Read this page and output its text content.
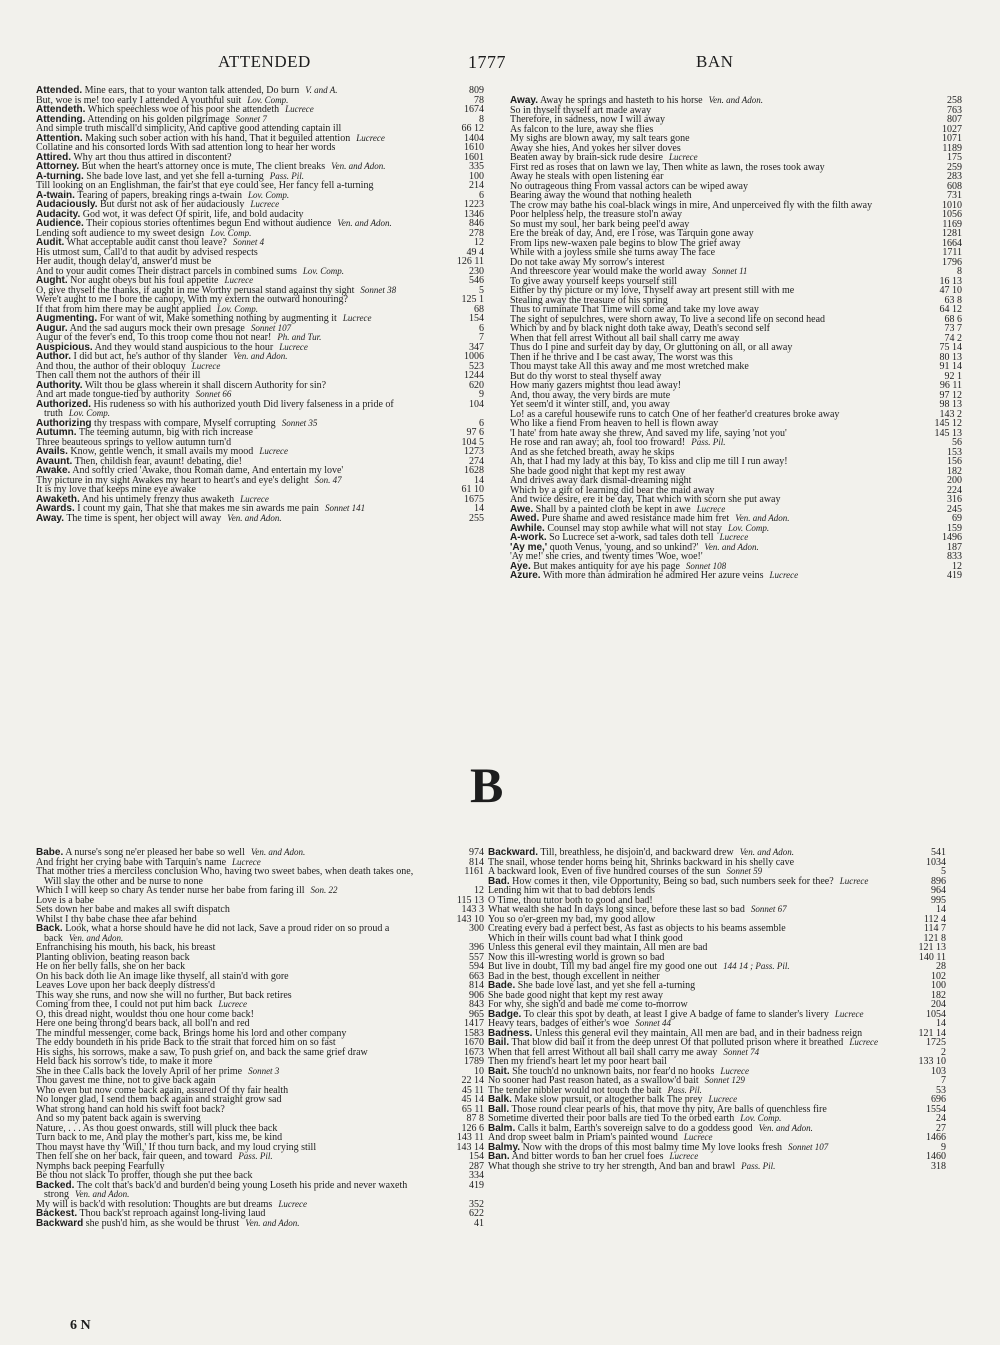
ATTENDED	1777	BAN
Attended. Mine ears, that to your wanton talk attended, Do burn V. and A.	809
But, woe is me! too early I attended A youthful suit Lov. Comp.	78
Attendeth. Which speechless woe of his poor she attendeth Lucrece	1674
Attending. Attending on his golden pilgrimage Sonnet 7	8
And simple truth miscall'd simplicity, And captive good attending captain ill	66 12
Attention. Making such sober action with his hand, That it beguiled attention Lucrece	1404
Collatine and his consorted lords With sad attention long to hear her words	1610
Attired. Why art thou thus attired in discontent?	1601
Attorney. But when the heart's attorney once is mute, The client breaks Ven. and Adon.	335
A-turning. She bade love last, and yet she fell a-turning Pass. Pil.	100
Till looking on an Englishman, the fair'st that eye could see, Her fancy fell a-turning	214
A-twain. Tearing of papers, breaking rings a-twain Lov. Comp.	6
Audaciously. But durst not ask of her audaciously Lucrece	1223
Audacity. God wot, it was defect Of spirit, life, and bold audacity	1346
Audience. Their copious stories oftentimes begun End without audience Ven. and Adon.	846
Lending soft audience to my sweet design Lov. Comp.	278
Audit. What acceptable audit canst thou leave? Sonnet 4	12
His utmost sum, Call'd to that audit by advised respects	49 4
Her audit, though delay'd, answer'd must be	126 11
And to your audit comes Their distract parcels in combined sums Lov. Comp.	230
Aught. Nor aught obeys but his foul appetite Lucrece	546
O, give thyself the thanks, if aught in me Worthy perusal stand against thy sight Sonnet 38	5
Were't aught to me I bore the canopy, With my extern the outward honouring?	125 1
If that from him there may be aught applied Lov. Comp.	68
Augmenting. For want of wit, Make something nothing by augmenting it Lucrece	154
Augur. And the sad augurs mock their own presage Sonnet 107	6
Augur of the fever's end, To this troop come thou not near! Ph. and Tur.	7
Auspicious. And they would stand auspicious to the hour Lucrece	347
Author. I did but act, he's author of thy slander Ven. and Adon.	1006
And thou, the author of their obloquy Lucrece	523
Then call them not the authors of their ill	1244
Authority. Wilt thou be glass wherein it shall discern Authority for sin?	620
And art made tongue-tied by authority Sonnet 66	9
Authorized. His rudeness so with his authorized youth Did livery falseness in a pride of truth Lov. Comp.
104
Authorizing thy trespass with compare, Myself corrupting Sonnet 35	6
Autumn. The teeming autumn, big with rich increase	97 6
Three beauteous springs to yellow autumn turn'd	104 5
Avails. Know, gentle wench, it small avails my mood Lucrece	1273
Avaunt. Then, childish fear, avaunt! debating, die!	274
Awake. And softly cried 'Awake, thou Roman dame, And entertain my love'	1628
Thy picture in my sight Awakes my heart to heart's and eye's delight Son. 47	14
It is my love that keeps mine eye awake	61 10
Awaketh. And his untimely frenzy thus awaketh Lucrece	1675
Awards. I count my gain, That she that makes me sin awards me pain Sonnet 141	14
Away. The time is spent, her object will away Ven. and Adon.	255
Away. Away he springs and hasteth to his horse Ven. and Adon.	258
So in thyself thyself art made away	763
Therefore, in sadness, now I will away	807
As falcon to the lure, away she flies	1027
My sighs are blown away, my salt tears gone	1071
Away she hies, And yokes her silver doves	1189
Beaten away by brain-sick rude desire Lucrece	175
First red as roses that on lawn we lay, Then white as lawn, the roses took away	259
Away he steals with open listening ear	283
No outrageous thing From vassal actors can be wiped away	608
Bearing away the wound that nothing healeth	731
The crow may bathe his coal-black wings in mire, And unperceived fly with the filth away	1010
Poor helpless help, the treasure stol'n away	1056
So must my soul, her bark being peel'd away	1169
Ere the break of day, And, ere I rose, was Tarquin gone away	1281
From lips new-waxen pale begins to blow The grief away	1664
While with a joyless smile she turns away The face	1711
Do not take away My sorrow's interest	1796
And threescore year would make the world away Sonnet 11	8
To give away yourself keeps yourself still	16 13
Either by thy picture or my love, Thyself away art present still with me	47 10
Stealing away the treasure of his spring	63 8
Thus to ruminate That Time will come and take my love away	64 12
The sight of sepulchres, were shorn away, To live a second life on second head	68 6
Which by and by black night doth take away, Death's second self	73 7
When that fell arrest Without all bail shall carry me away	74 2
Thus do I pine and surfeit day by day, Or gluttoning on all, or all away	75 14
Then if he thrive and I be cast away, The worst was this	80 13
Thou mayst take All this away and me most wretched make	91 14
But do thy worst to steal thyself away	92 1
How many gazers mightst thou lead away!	96 11
And, thou away, the very birds are mute	97 12
Yet seem'd it winter still, and, you away	98 13
Lo! as a careful housewife runs to catch One of her feather'd creatures broke away	143 2
Who like a fiend From heaven to hell is flown away	145 12
'I hate' from hate away she threw, And saved my life, saying 'not you'	145 13
He rose and ran away; ah, fool too froward! Pass. Pil.	56
And as she fetched breath, away he skips	153
Ah, that I had my lady at this bay, To kiss and clip me till I run away!	156
She bade good night that kept my rest away	182
And drives away dark dismal-dreaming night	200
Which by a gift of learning did bear the maid away	224
And twice desire, ere it be day, That which with scorn she put away	316
Awe. Shall by a painted cloth be kept in awe Lucrece	245
Awed. Pure shame and awed resistance made him fret Ven. and Adon.	69
Awhile. Counsel may stop awhile what will not stay Lov. Comp.	159
A-work. So Lucrece set a-work, sad tales doth tell Lucrece	1496
'Ay me,' quoth Venus, 'young, and so unkind?' Ven. and Adon.	187
'Ay me!' she cries, and twenty times 'Woe, woe!'	833
Aye. But makes antiquity for aye his page Sonnet 108	12
Azure. With more than admiration he admired Her azure veins Lucrece	419
B
Babe. A nurse's song ne'er pleased her babe so well Ven. and Adon.	974
And fright her crying babe with Tarquin's name Lucrece	814
That mother tries a merciless conclusion Who, having two sweet babes, when death takes one, Will slay the other and be nurse to none
1161
Which I will keep so chary As tender nurse her babe from faring ill Son. 22	12
Love is a babe	115 13
Sets down her babe and makes all swift dispatch	143 3
Whilst I thy babe chase thee afar behind	143 10
Back. Look, what a horse should have he did not lack, Save a proud rider on so proud a back Ven. and Adon.
300
Enfranchising his mouth, his back, his breast	396
Planting oblivion, beating reason back	557
He on her belly falls, she on her back	594
On his back doth lie An image like thyself, all stain'd with gore	663
Leaves Love upon her back deeply distress'd	814
This way she runs, and now she will no further, But back retires	906
Coming from thee, I could not put him back Lucrece	843
O, this dread night, wouldst thou one hour come back!	965
Here one being throng'd bears back, all boll'n and red	1417
The mindful messenger, come back, Brings home his lord and other company	1583
The eddy boundeth in his pride Back to the strait that forced him on so fast	1670
His sighs, his sorrows, make a saw, To push grief on, and back the same grief draw	1673
Held back his sorrow's tide, to make it more	1789
She in thee Calls back the lovely April of her prime Sonnet 3	10
Thou gavest me thine, not to give back again	22 14
Who even but now come back again, assured Of thy fair health	45 11
No longer glad, I send them back again and straight grow sad	45 14
What strong hand can hold his swift foot back?	65 11
And so my patent back again is swerving	87 8
Nature, . . . As thou goest onwards, still will pluck thee back	126 6
Turn back to me, And play the mother's part, kiss me, be kind	143 11
Thou mayst have thy 'Will,' If thou turn back, and my loud crying still	143 14
Then fell she on her back, fair queen, and toward Pass. Pil.	154
Nymphs back peeping Fearfully	287
Be thou not slack To proffer, though she put thee back	334
Backed. The colt that's back'd and burden'd being young Loseth his pride and never waxeth strong Ven. and Adon.
419
My will is back'd with resolution: Thoughts are but dreams Lucrece	352
Backest. Thou back'st reproach against long-living laud	622
Backward she push'd him, as she would be thrust Ven. and Adon.	41
Backward. Till, breathless, he disjoin'd, and backward drew Ven. and Adon.	541
The snail, whose tender horns being hit, Shrinks backward in his shelly cave	1034
A backward look, Even of five hundred courses of the sun Sonnet 59	5
Bad. How comes it then, vile Opportunity, Being so bad, such numbers seek for thee? Lucrece	896
Lending him wit that to bad debtors lends	964
O Time, thou tutor both to good and bad!	995
What wealth she had In days long since, before these last so bad Sonnet 67	14
You so o'er-green my bad, my good allow	112 4
Creating every bad a perfect best, As fast as objects to his beams assemble	114 7
Which in their wills count bad what I think good	121 8
Unless this general evil they maintain, All men are bad	121 13
Now this ill-wresting world is grown so bad	140 11
But live in doubt, Till my bad angel fire my good one out 144 14 ; Pass. Pil.	28
Bad in the best, though excellent in neither	102
Bade. She bade love last, and yet she fell a-turning	100
She bade good night that kept my rest away	182
For why, she sigh'd and bade me come to-morrow	204
Badge. To clear this spot by death, at least I give A badge of fame to slander's livery Lucrece	1054
Heavy tears, badges of either's woe Sonnet 44	14
Badness. Unless this general evil they maintain, All men are bad, and in their badness reign	121 14
Bail. That blow did bail it from the deep unrest Of that polluted prison where it breathed Lucrece	1725
When that fell arrest Without all bail shall carry me away Sonnet 74	2
Then my friend's heart let my poor heart bail	133 10
Bait. She touch'd no unknown baits, nor fear'd no hooks Lucrece	103
No sooner had Past reason hated, as a swallow'd bait Sonnet 129	7
The tender nibbler would not touch the bait Pass. Pil.	53
Balk. Make slow pursuit, or altogether balk The prey Lucrece	696
Ball. Those round clear pearls of his, that move thy pity, Are balls of quenchless fire	1554
Sometime diverted their poor balls are tied To the orbed earth Lov. Comp.	24
Balm. Calls it balm, Earth's sovereign salve to do a goddess good Ven. and Adon.	27
And drop sweet balm in Priam's painted wound Lucrece	1466
Balmy. Now with the drops of this most balmy time My love looks fresh Sonnet 107	9
Ban. And bitter words to ban her cruel foes Lucrece	1460
What though she strive to try her strength, And ban and brawl Pass. Pil.	318
6 N
